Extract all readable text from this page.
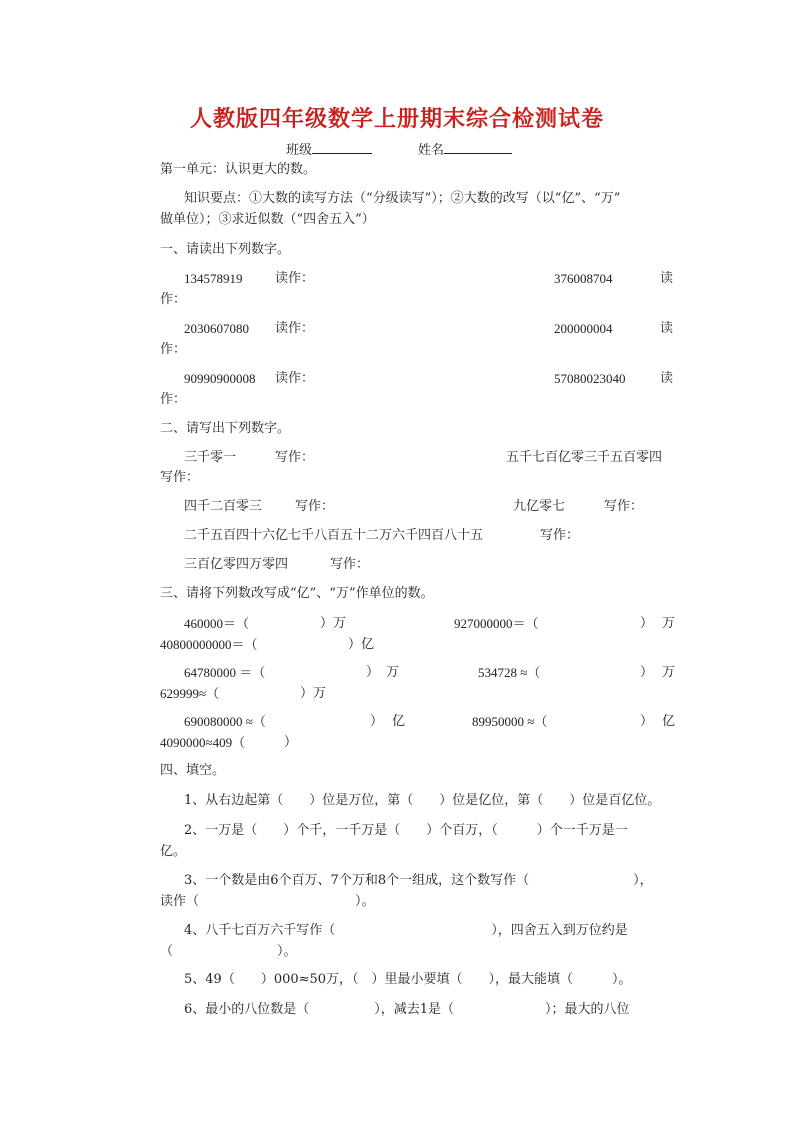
人教版四年级数学上册期末综合检测试卷
班级	姓名
第一单元：认识更大的数。
知识要点：①大数的读写方法（“分级读写”）；②大数的改写（以“亿”、“万”
做单位）；③求近似数（“四舍五入”）
一、请读出下列数字。
134578919	读作：	376008704	读
作：
2030607080 读作：	200000004	读
作：
90990900008 读作：	57080023040	读
作：
二、请写出下列数字。
三千零一	写作：	五千七百亿零三千五百零四
写作：
四千二百零三	写作：	九亿零七	写作：
二千五百四十六亿七千八百五十二万六千四百八十五	写作：
三百亿零四万零四	写作：
三、请将下列数改写成“亿”、“万”作单位的数。
460000＝（	）万	927000000＝（	） 万
40800000000＝（	）亿
64780000 ＝（	） 万	534728 ≈（	） 万
629999≈（	）万
690080000 ≈（	） 亿	89950000 ≈（	） 亿
4090000≈409（	）
四、填空。
1、从右边起第（　　）位是万位，第（　　）位是亿位，第（　　）位是百亿位。
2、一万是（　　）个千，一千万是（　　）个百万，（　　　）个一千万是一
亿。
3、一个数是由6个百万、7个万和8个一组成，这个数写作（　　　　　　　　），
读作（　　　　　　　　　　　　）。
4、八千七百万六千写作（　　　　　　　　　　　　），四舍五入到万位约是
（　　　　　　　　）。
5、49（　　）000≈50万，（　）里最小要填（　　），最大能填（　　　）。
6、最小的八位数是（　　　　　），减去1是（　　　　　　　）；最大的八位
